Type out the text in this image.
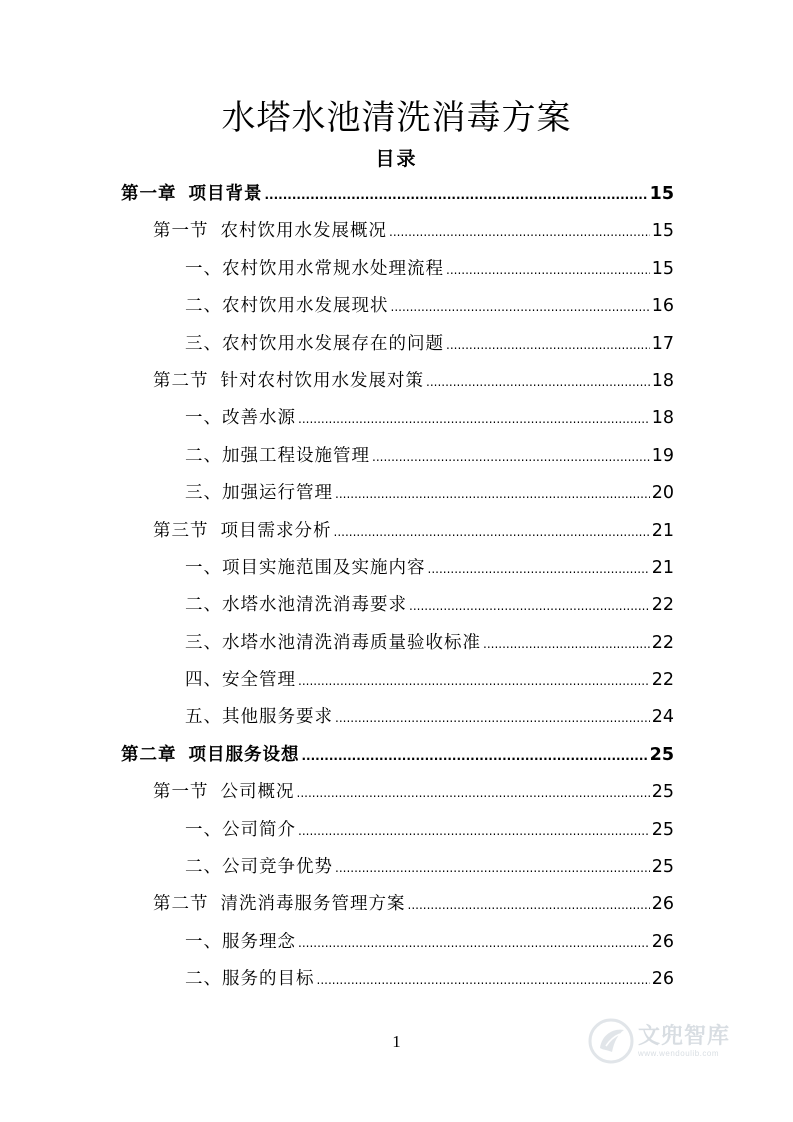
水塔水池清洗消毒方案
目录
第一章 项目背景 .....	15
第一节 农村饮用水发展概况 .....	15
一、农村饮用水常规水处理流程 .....	15
二、农村饮用水发展现状 .....	16
三、农村饮用水发展存在的问题 .....	17
第二节 针对农村饮用水发展对策 .....	18
一、改善水源 .....	18
二、加强工程设施管理 .....	19
三、加强运行管理 .....	20
第三节 项目需求分析 .....	21
一、项目实施范围及实施内容 .....	21
二、水塔水池清洗消毒要求 .....	22
三、水塔水池清洗消毒质量验收标准 .....	22
四、安全管理 .....	22
五、其他服务要求 .....	24
第二章 项目服务设想 .....	25
第一节 公司概况 .....	25
一、公司简介 .....	25
二、公司竞争优势 .....	25
第二节 清洗消毒服务管理方案 .....	26
一、服务理念 .....	26
二、服务的目标 .....	26
1	文兜智库
www.wendoulib.com
